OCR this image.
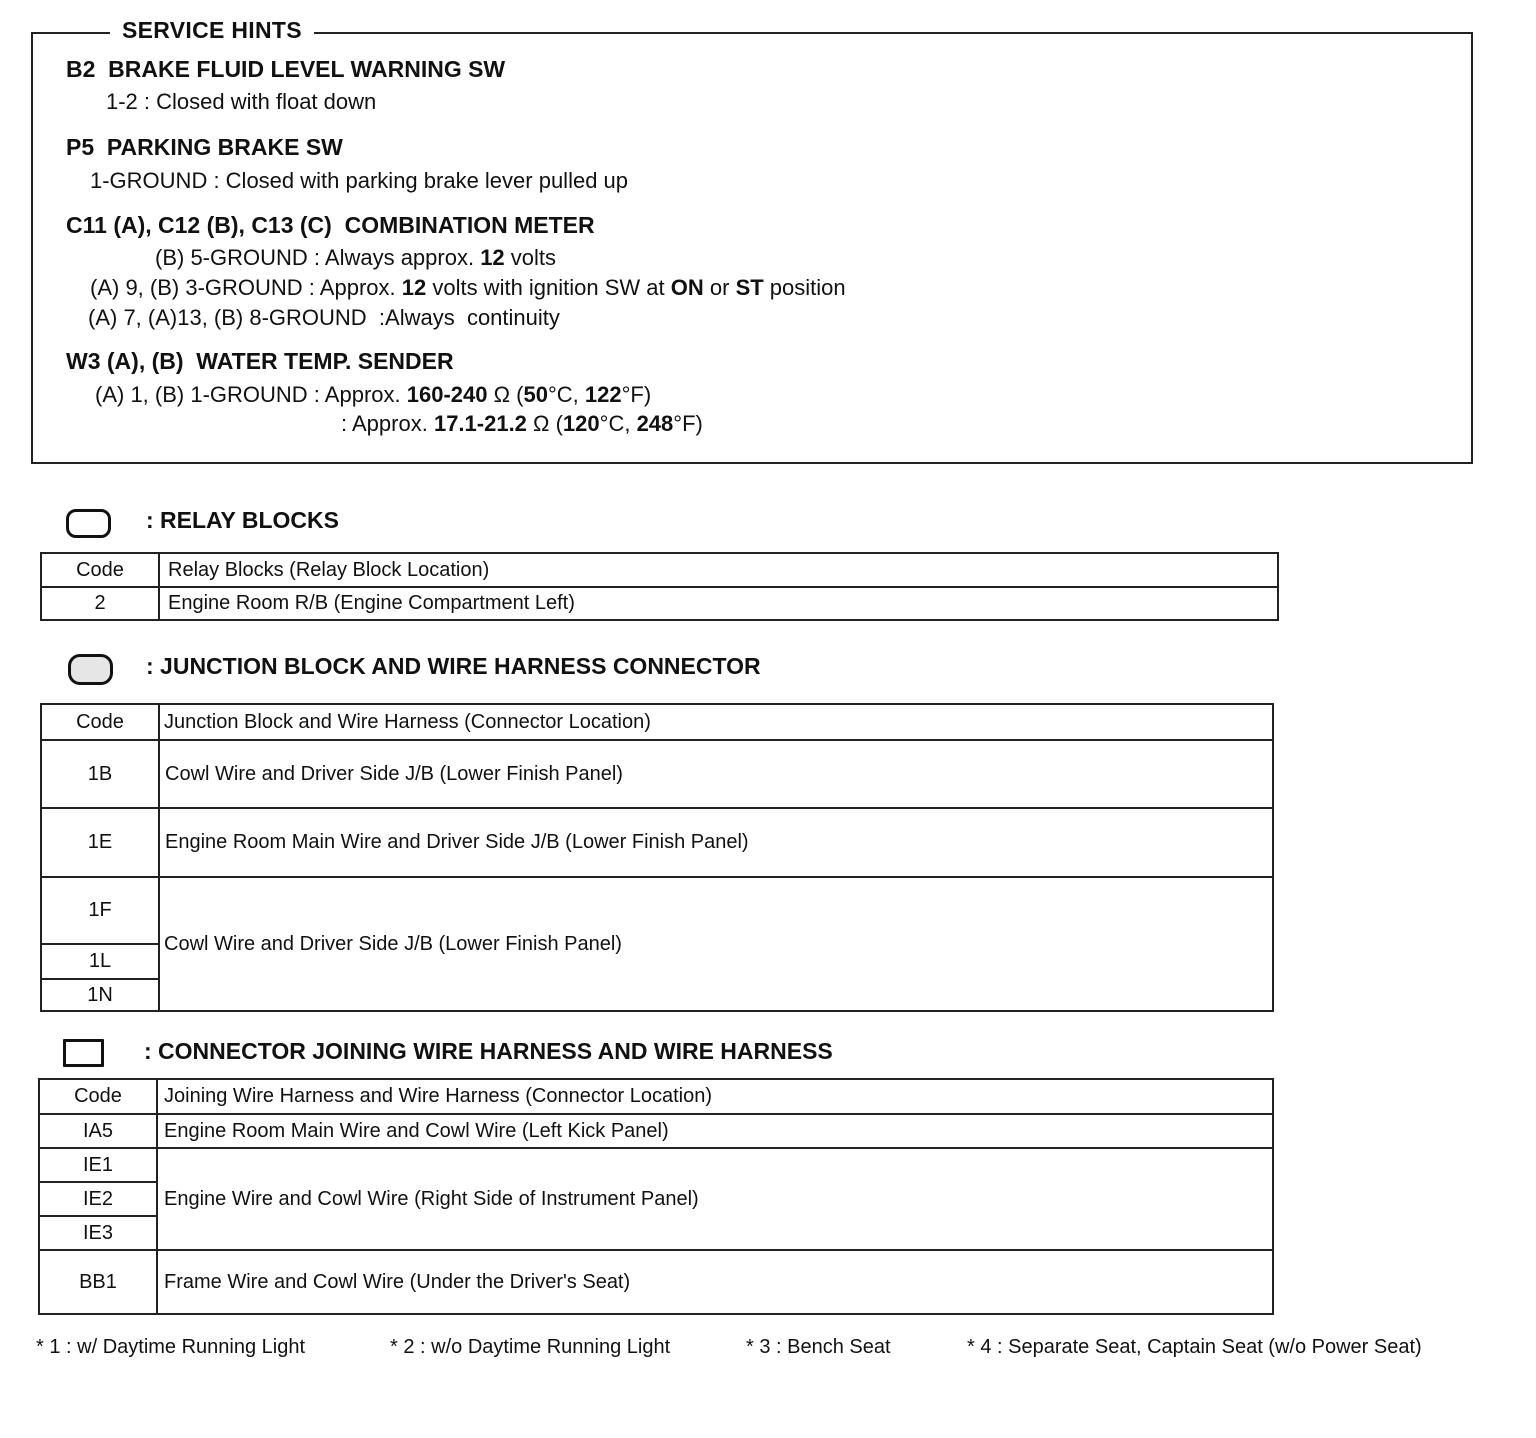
SERVICE HINTS
B2  BRAKE FLUID LEVEL WARNING SW
1-2 : Closed with float down
P5  PARKING BRAKE SW
1-GROUND : Closed with parking brake lever pulled up
C11 (A), C12 (B), C13 (C)  COMBINATION METER
(B) 5-GROUND : Always approx. 12 volts
(A) 9, (B) 3-GROUND : Approx. 12 volts with ignition SW at ON or ST position
(A) 7, (A)13, (B) 8-GROUND  :Always  continuity
W3 (A), (B)  WATER TEMP. SENDER
(A) 1, (B) 1-GROUND : Approx. 160-240 Ω (50°C, 122°F)
: Approx. 17.1-21.2 Ω (120°C, 248°F)
: RELAY BLOCKS
Code	Relay Blocks (Relay Block Location)
2	Engine Room R/B (Engine Compartment Left)
: JUNCTION BLOCK AND WIRE HARNESS CONNECTOR
Code	Junction Block and Wire Harness (Connector Location)
1B	Cowl Wire and Driver Side J/B (Lower Finish Panel)
1E	Engine Room Main Wire and Driver Side J/B (Lower Finish Panel)
1F	Cowl Wire and Driver Side J/B (Lower Finish Panel)
1L	
1N	
: CONNECTOR JOINING WIRE HARNESS AND WIRE HARNESS
Code	Joining Wire Harness and Wire Harness (Connector Location)
IA5	Engine Room Main Wire and Cowl Wire (Left Kick Panel)
IE1	Engine Wire and Cowl Wire (Right Side of Instrument Panel)
IE2	
IE3	
BB1	Frame Wire and Cowl Wire (Under the Driver's Seat)
* 1 : w/ Daytime Running Light	* 2 : w/o Daytime Running Light	* 3 : Bench Seat	* 4 : Separate Seat, Captain Seat (w/o Power Seat)
